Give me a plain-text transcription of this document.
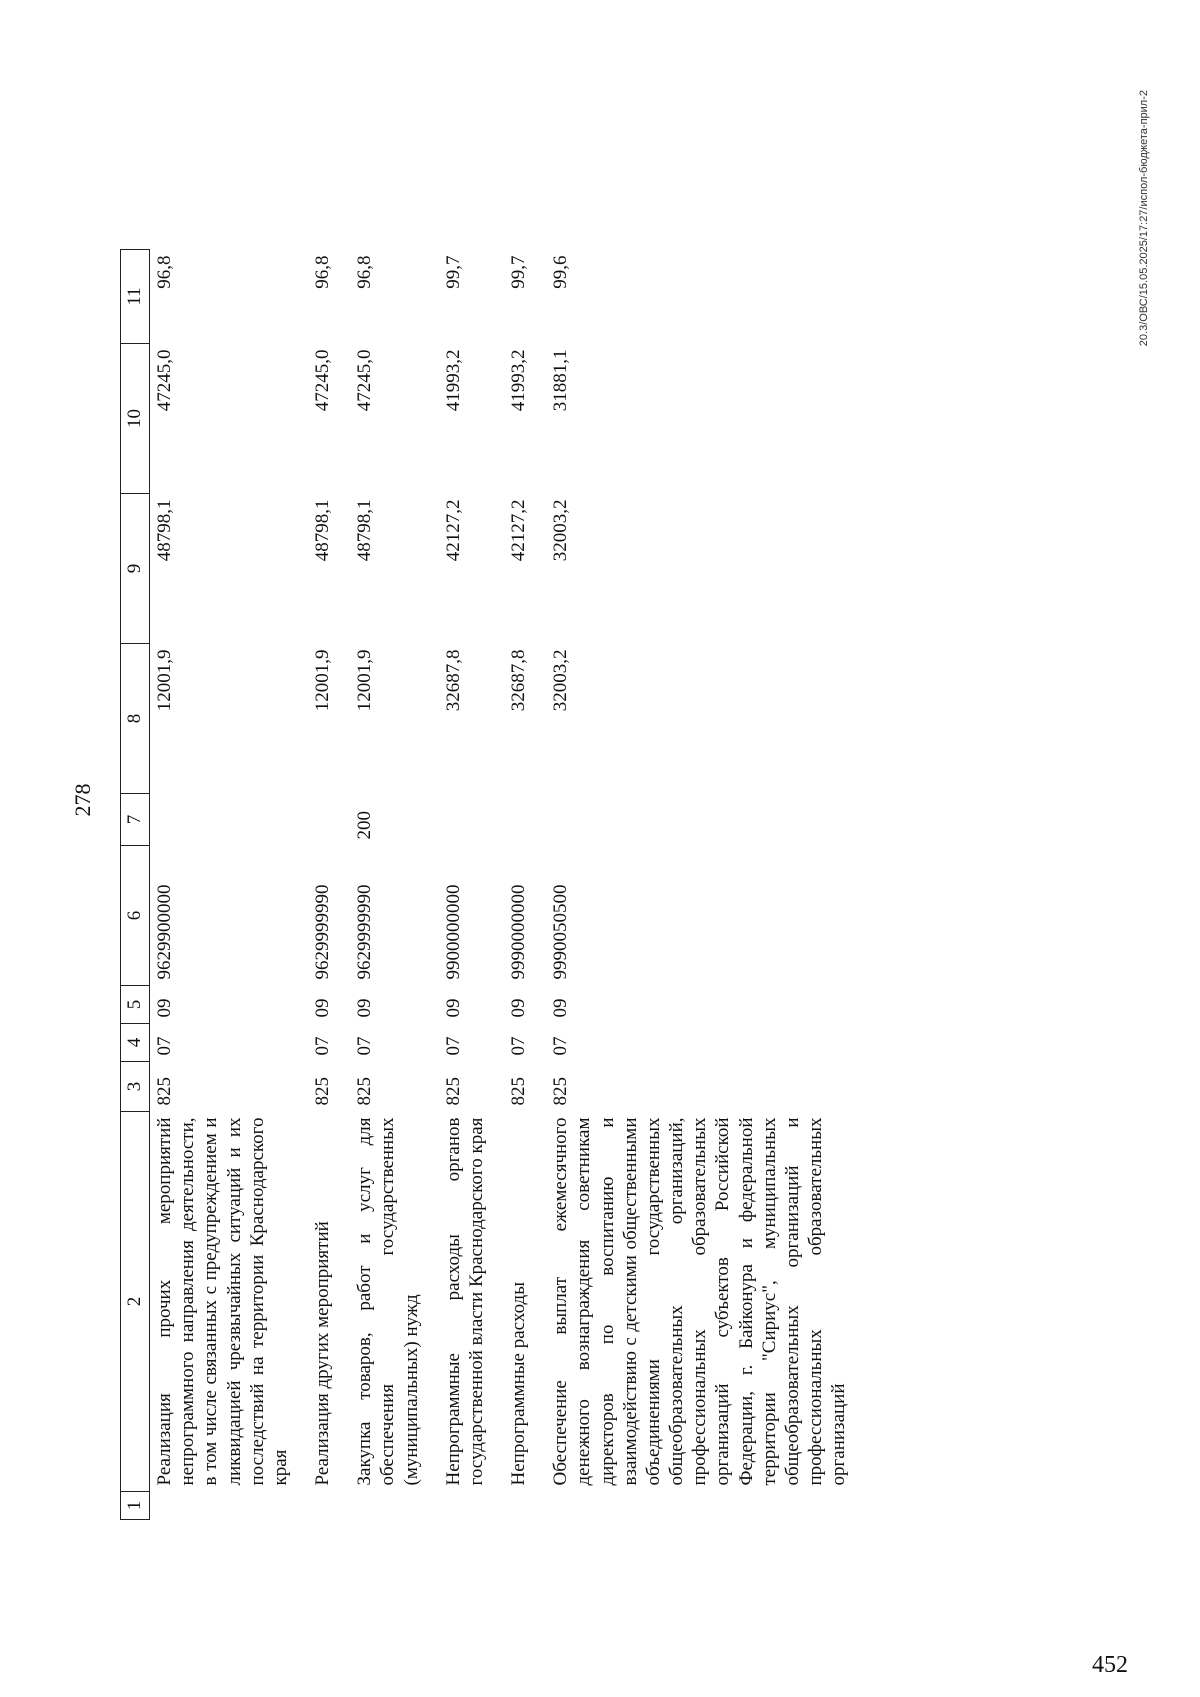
278
1	2	3	4	5	6	7	8	9	10	11
	Реализация прочих мероприятий непрограммного направления деятельности, в том числе связанных с предупреждением и ликвидацией чрезвычайных ситуаций и их последствий на территории Краснодарского края	825	07	09	9629900000		12001,9	48798,1	47245,0	96,8
	Реализация других мероприятий	825	07	09	9629999990		12001,9	48798,1	47245,0	96,8
	Закупка товаров, работ и услуг для обеспечения государственных (муниципальных) нужд	825	07	09	9629999990	200	12001,9	48798,1	47245,0	96,8
	Непрограммные расходы органов государственной власти Краснодарского края	825	07	09	9900000000		32687,8	42127,2	41993,2	99,7
	Непрограммные расходы	825	07	09	9990000000		32687,8	42127,2	41993,2	99,7
	Обеспечение выплат ежемесячного денежного вознаграждения советникам директоров по воспитанию и взаимодействию с детскими общественными объединениями государственных общеобразовательных организаций, профессиональных образовательных организаций субъектов Российской Федерации, г. Байконура и федеральной территории "Сириус", муниципальных общеобразовательных организаций и профессиональных образовательных организаций	825	07	09	9990050500		32003,2	32003,2	31881,1	99,6	20.3/ОВС/15.05.2025/17:27/испол-бюджета-прил-2
452
